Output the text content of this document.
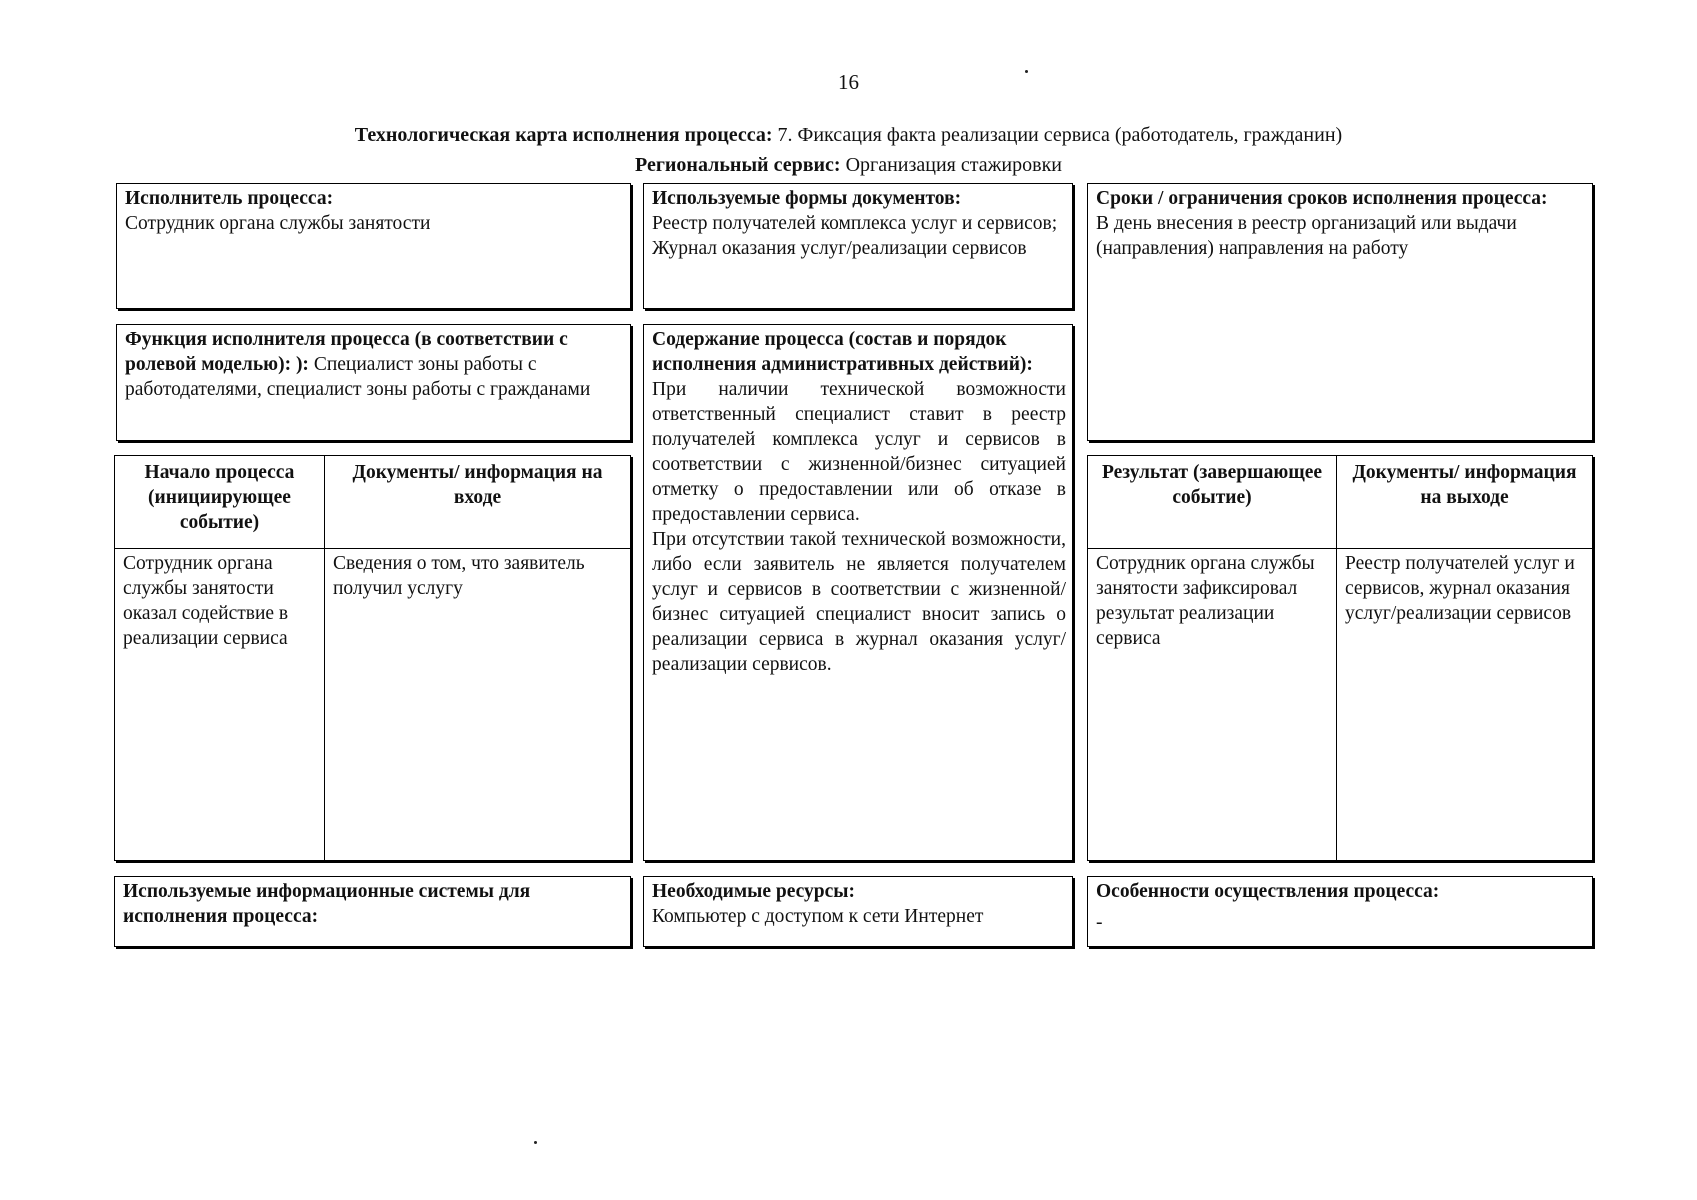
16
Технологическая карта исполнения процесса: 7. Фиксация факта реализации сервиса (работодатель, гражданин)
Региональный сервис: Организация стажировки

Исполнитель процесса:

Сотрудник органа службы занятости

Используемые формы документов:

Реестр получателей комплекса услуг и сервисов;

Журнал оказания услуг/реализации сервисов

Сроки / ограничения сроков исполнения процесса:

В день внесения в реестр организаций или выдачи (направления) направления на работу

Функция исполнителя процесса (в соответствии с ролевой моделью): ): Специалист зоны работы с работодателями, специалист зоны работы с гражданами

Содержание процесса (состав и порядок исполнения административных действий):

При наличии технической возможности ответственный специалист ставит в реестр получателей комплекса услуг и сервисов в соответствии с жизненной/бизнес ситуацией отметку о предоставлении или об отказе в предоставлении сервиса.

При отсутствии такой технической возможности, либо если заявитель не является получателем услуг и сервисов в соответствии с жизненной/бизнес ситуацией специалист вносит запись о реализации сервиса в журнал оказания услуг/реализации сервисов.

Начало процесса (инициирующее событие)
Документы/ информация на входе
Сотрудник органа службы занятости оказал содействие в реализации сервиса
Сведения о том, что заявитель получил услугу
Результат (завершающее событие)
Документы/ информация на выходе
Сотрудник органа службы занятости зафиксировал результат реализации сервиса
Реестр получателей услуг и сервисов, журнал оказания услуг/реализации сервисов

Используемые информационные системы для исполнения процесса:

Необходимые ресурсы:

Компьютер с доступом к сети Интернет

Особенности осуществления процесса:

-
